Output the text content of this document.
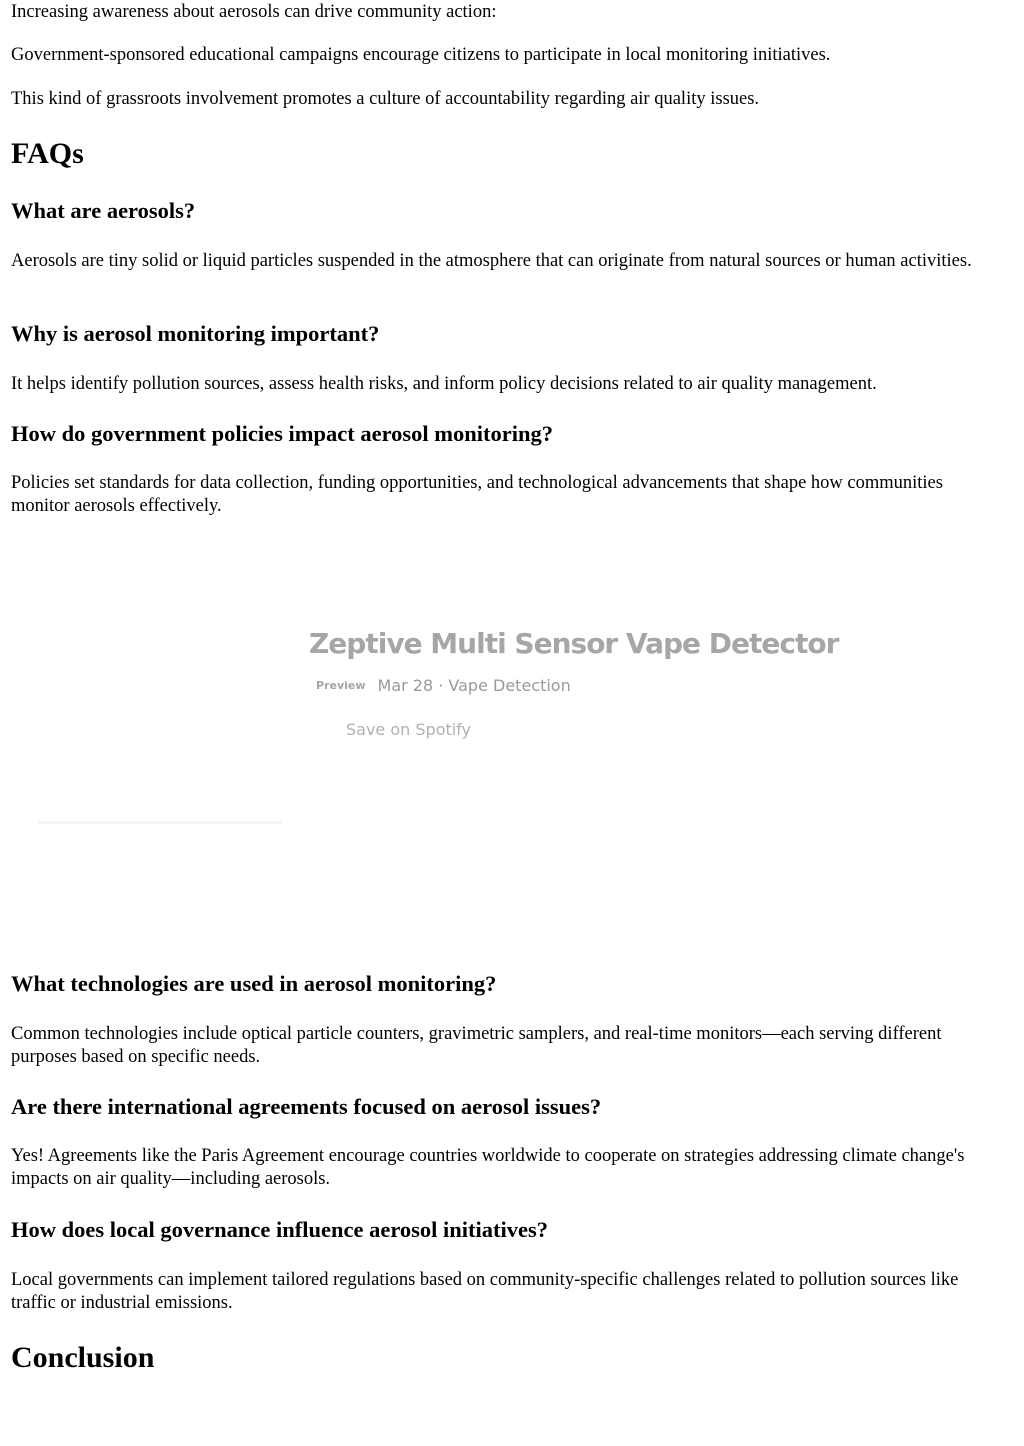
Increasing awareness about aerosols can drive community action:

Government-sponsored educational campaigns encourage citizens to participate in local monitoring initiatives.

This kind of grassroots involvement promotes a culture of accountability regarding air quality issues.

FAQs
What are aerosols?

Aerosols are tiny solid or liquid particles suspended in the atmosphere that can originate from natural sources or human activities.

Why is aerosol monitoring important?

It helps identify pollution sources, assess health risks, and inform policy decisions related to air quality management.

How do government policies impact aerosol monitoring?

Policies set standards for data collection, funding opportunities, and technological advancements that shape how communities monitor aerosols effectively.

Zeptive Multi Sensor Vape Detector
Preview Mar 28 · Vape Detection
Save on Spotify
What technologies are used in aerosol monitoring?

Common technologies include optical particle counters, gravimetric samplers, and real-time monitors—each serving different purposes based on specific needs.

Are there international agreements focused on aerosol issues?

Yes! Agreements like the Paris Agreement encourage countries worldwide to cooperate on strategies addressing climate change's impacts on air quality—including aerosols.

How does local governance influence aerosol initiatives?

Local governments can implement tailored regulations based on community-specific challenges related to pollution sources like traffic or industrial emissions.

Conclusion
